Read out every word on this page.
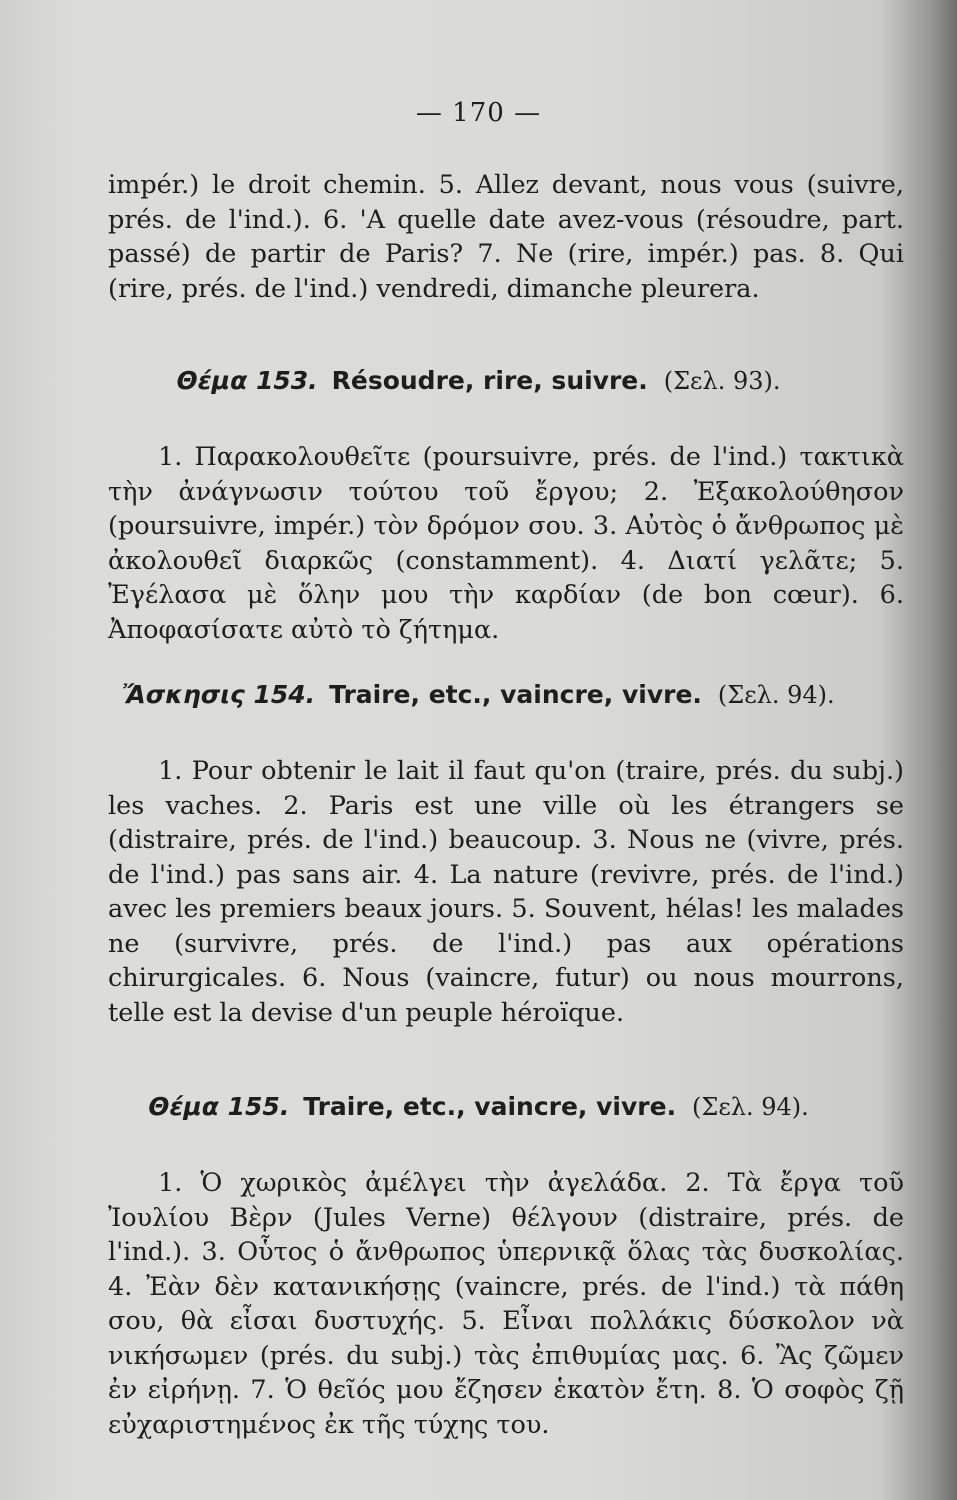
— 170 —

impér.) le droit chemin. 5. Allez devant, nous vous (suivre, prés. de l'ind.). 6. 'A quelle date avez-vous (résoudre, part. passé) de partir de Paris? 7. Ne (rire, impér.) pas. 8. Qui (rire, prés. de l'ind.) vendredi, dimanche pleurera.

Θέμα 153. Résoudre, rire, suivre. (Σελ. 93).

1. Παρακολουθεῖτε (poursuivre, prés. de l'ind.) τακτικὰ τὴν ἀνάγνωσιν τούτου τοῦ ἔργου; 2. Ἐξακολούθησον (poursuivre, impér.) τὸν δρόμον σου. 3. Αὐτὸς ὁ ἄνθρωπος μὲ ἀκολουθεῖ διαρκῶς (constamment). 4. Διατί γελᾶτε; 5. Ἐγέλασα μὲ ὅλην μου τὴν καρδίαν (de bon cœur). 6. Ἀποφασίσατε αὐτὸ τὸ ζήτημα.

Ἄσκησις 154. Traire, etc., vaincre, vivre. (Σελ. 94).

1. Pour obtenir le lait il faut qu'on (traire, prés. du subj.) les vaches. 2. Paris est une ville où les étrangers se (distraire, prés. de l'ind.) beaucoup. 3. Nous ne (vivre, prés. de l'ind.) pas sans air. 4. La nature (revivre, prés. de l'ind.) avec les premiers beaux jours. 5. Souvent, hélas! les malades ne (survivre, prés. de l'ind.) pas aux opérations chirurgicales. 6. Nous (vaincre, futur) ou nous mourrons, telle est la devise d'un peuple héroïque.

Θέμα 155. Traire, etc., vaincre, vivre. (Σελ. 94).

1. Ὁ χωρικὸς ἀμέλγει τὴν ἀγελάδα. 2. Τὰ ἔργα τοῦ Ἰουλίου Βὲρν (Jules Verne) θέλγουν (distraire, prés. de l'ind.). 3. Οὗτος ὁ ἄνθρωπος ὑπερνικᾷ ὅλας τὰς δυσκολίας. 4. Ἐὰν δὲν κατανικήσῃς (vaincre, prés. de l'ind.) τὰ πάθη σου, θὰ εἶσαι δυστυχής. 5. Εἶναι πολλάκις δύσκολον νὰ νικήσωμεν (prés. du subj.) τὰς ἐπιθυμίας μας. 6. Ἂς ζῶμεν ἐν εἰρήνῃ. 7. Ὁ θεῖός μου ἔζησεν ἑκατὸν ἔτη. 8. Ὁ σοφὸς ζῇ εὐχαριστημένος ἐκ τῆς τύχης του.
